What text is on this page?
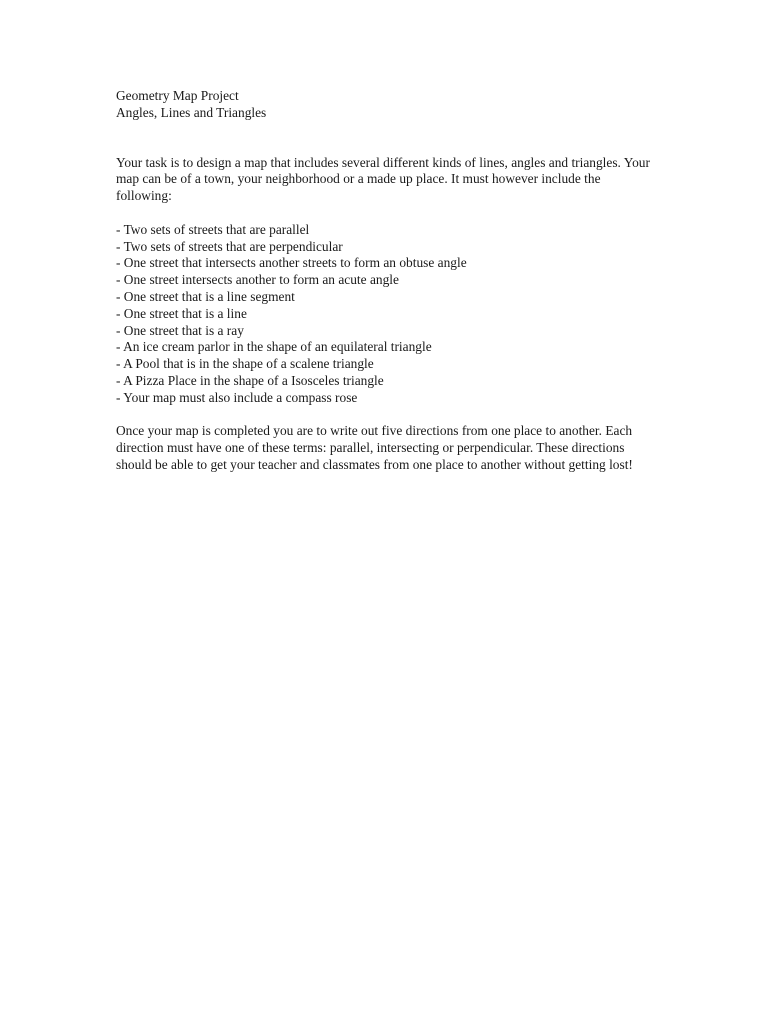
Geometry Map Project
Angles, Lines and Triangles

Your task is to design a map that includes several different kinds of lines, angles and triangles. Your map can be of a town, your neighborhood or a made up place. It must however include the following:

- Two sets of streets that are parallel
- Two sets of streets that are perpendicular
- One street that intersects another streets to form an obtuse angle
- One street intersects another to form an acute angle
- One street that is a line segment
- One street that is a line
- One street that is a ray
- An ice cream parlor in the shape of an equilateral triangle
- A Pool that is in the shape of a scalene triangle
- A Pizza Place in the shape of a Isosceles triangle
- Your map must also include a compass rose

Once your map is completed you are to write out five directions from one place to another. Each direction must have one of these terms: parallel, intersecting or perpendicular. These directions should be able to get your teacher and classmates from one place to another without getting lost!
